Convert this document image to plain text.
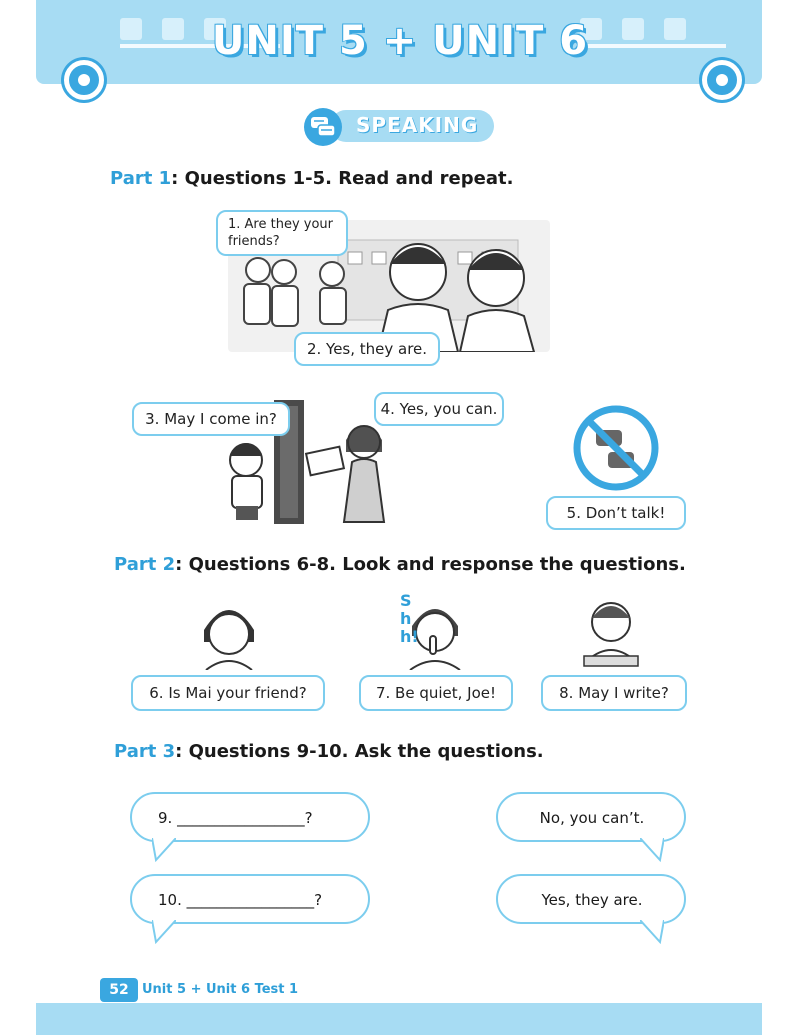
UNIT 5 + UNIT 6
SPEAKING
Part 1: Questions 1-5. Read and repeat.
1. Are they your friends?
2. Yes, they are.
3. May I come in?
4. Yes, you can.
5. Don’t talk!
Part 2: Questions 6-8. Look and response the questions.
Shh!
6. Is Mai your friend?	7. Be quiet, Joe!	8. May I write?
Part 3: Questions 9-10. Ask the questions.
9. _________________?	No, you can’t.
10. _________________?	Yes, they are.
52	Unit 5 + Unit 6 Test 1
